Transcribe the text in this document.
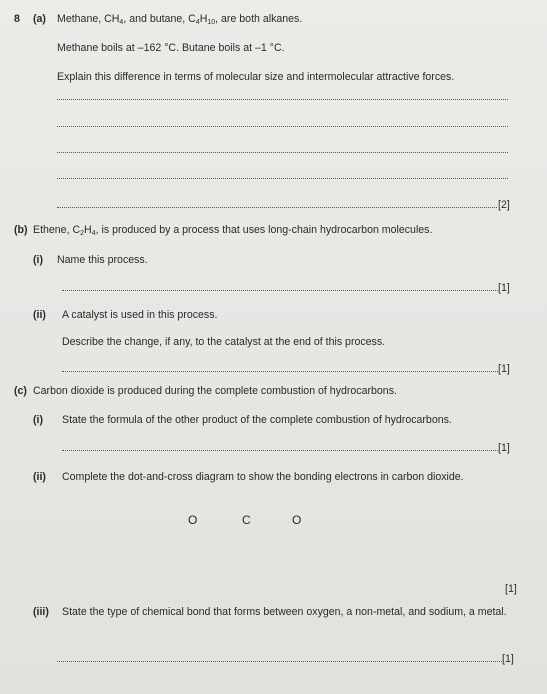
8 (a) Methane, $CH_4$, and butane, $C_4H_{10}$, are both alkanes.
Methane boils at –162 °C. Butane boils at –1 °C.
Explain this difference in terms of molecular size and intermolecular attractive forces.
[2]
(b) Ethene, $C_2H_4$, is produced by a process that uses long-chain hydrocarbon molecules.
(i) Name this process.
[1]
(ii) A catalyst is used in this process.
Describe the change, if any, to the catalyst at the end of this process.
[1]
(c) Carbon dioxide is produced during the complete combustion of hydrocarbons.
(i) State the formula of the other product of the complete combustion of hydrocarbons.
[1]
(ii) Complete the dot-and-cross diagram to show the bonding electrons in carbon dioxide.
O	C	O
[1]
(iii) State the type of chemical bond that forms between oxygen, a non-metal, and sodium, a metal.
[1]
